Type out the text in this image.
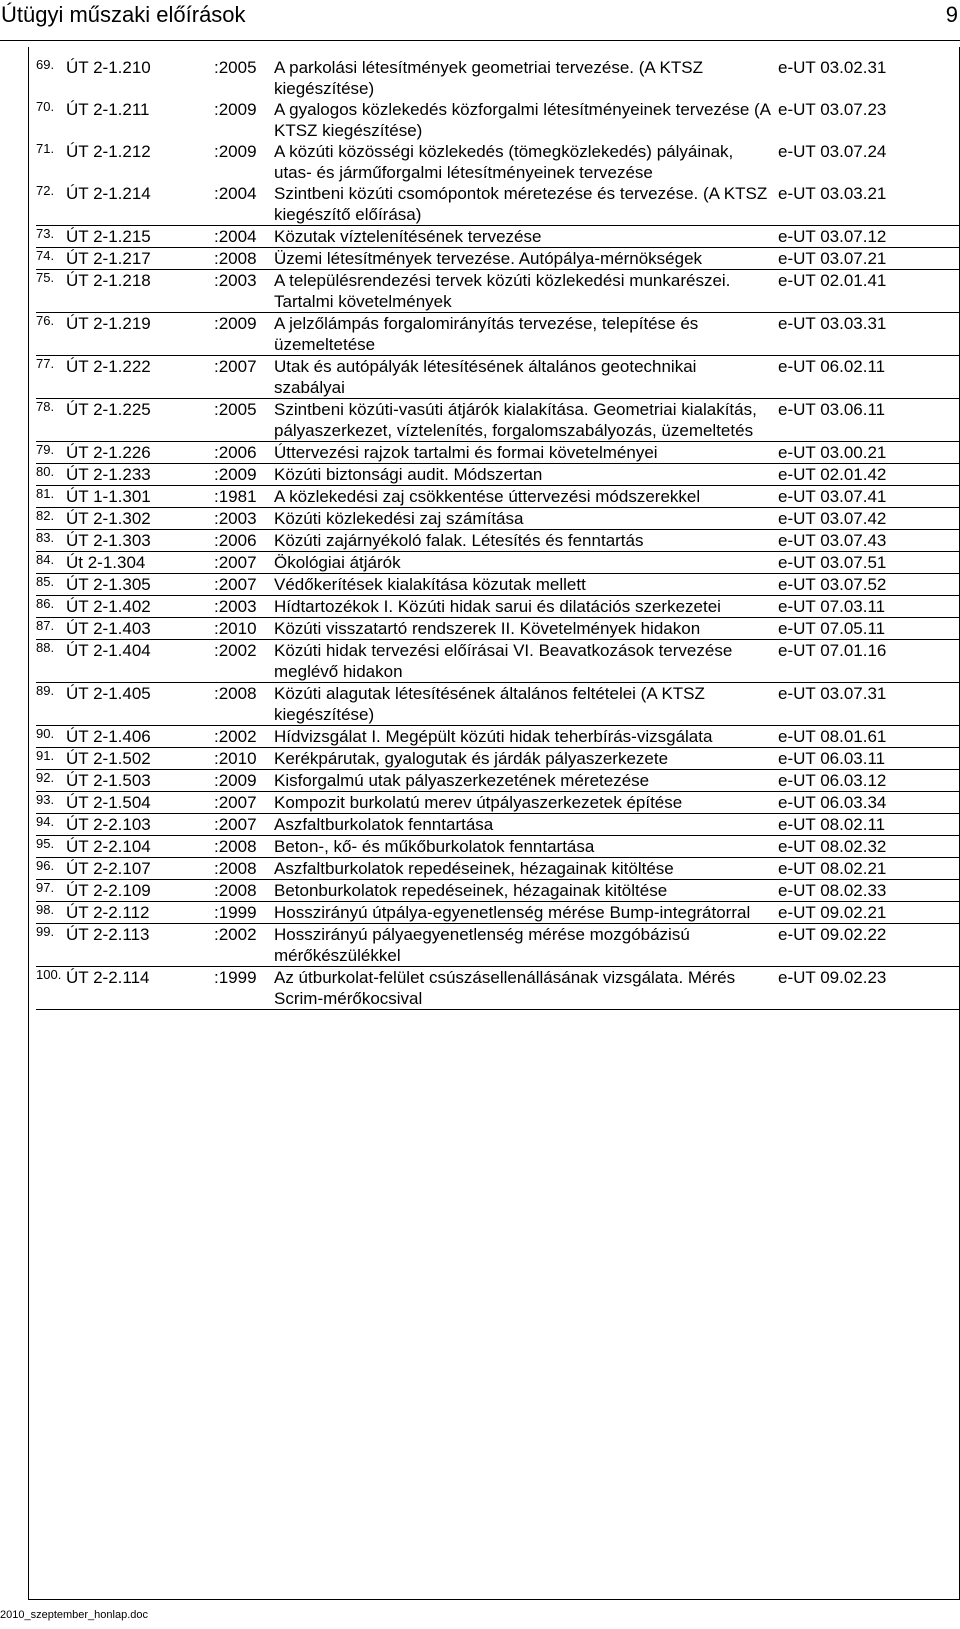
Útügyi műszaki előírások	9
69.	ÚT 2-1.210	:2005	A parkolási létesítmények geometriai tervezése. (A KTSZ kiegészítése)	e-UT 03.02.31
70.	ÚT 2-1.211	:2009	A gyalogos közlekedés közforgalmi létesítményeinek tervezése (A KTSZ kiegészítése)	e-UT 03.07.23
71.	ÚT 2-1.212	:2009	A közúti közösségi közlekedés (tömegközlekedés) pályáinak, utas- és járműforgalmi létesítményeinek tervezése	e-UT 03.07.24
72.	ÚT 2-1.214	:2004	Szintbeni közúti csomópontok méretezése és tervezése. (A KTSZ kiegészítő előírása)	e-UT 03.03.21
73.	ÚT 2-1.215	:2004	Közutak víztelenítésének tervezése	e-UT 03.07.12
74.	ÚT 2-1.217	:2008	Üzemi létesítmények tervezése. Autópálya-mérnökségek	e-UT 03.07.21
75.	ÚT 2-1.218	:2003	A településrendezési tervek közúti közlekedési munkarészei. Tartalmi követelmények	e-UT 02.01.41
76.	ÚT 2-1.219	:2009	A jelzőlámpás forgalomirányítás tervezése, telepítése és üzemeltetése	e-UT 03.03.31
77.	ÚT 2-1.222	:2007	Utak és autópályák létesítésének általános geotechnikai szabályai	e-UT 06.02.11
78.	ÚT 2-1.225	:2005	Szintbeni közúti-vasúti átjárók kialakítása. Geometriai kialakítás, pályaszerkezet, víztelenítés, forgalomszabályozás, üzemeltetés	e-UT 03.06.11
79.	ÚT 2-1.226	:2006	Úttervezési rajzok tartalmi és formai követelményei	e-UT 03.00.21
80.	ÚT 2-1.233	:2009	Közúti biztonsági audit. Módszertan	e-UT 02.01.42
81.	ÚT 1-1.301	:1981	A közlekedési zaj csökkentése úttervezési módszerekkel	e-UT 03.07.41
82.	ÚT 2-1.302	:2003	Közúti közlekedési zaj számítása	e-UT 03.07.42
83.	ÚT 2-1.303	:2006	Közúti zajárnyékoló falak. Létesítés és fenntartás	e-UT 03.07.43
84.	Út 2-1.304	:2007	Ökológiai átjárók	e-UT 03.07.51
85.	ÚT 2-1.305	:2007	Védőkerítések kialakítása közutak mellett	e-UT 03.07.52
86.	ÚT 2-1.402	:2003	Hídtartozékok I. Közúti hidak sarui és dilatációs szerkezetei	e-UT 07.03.11
87.	ÚT 2-1.403	:2010	Közúti visszatartó rendszerek II. Követelmények hidakon	e-UT 07.05.11
88.	ÚT 2-1.404	:2002	Közúti hidak tervezési előírásai VI. Beavatkozások tervezése meglévő hidakon	e-UT 07.01.16
89.	ÚT 2-1.405	:2008	Közúti alagutak létesítésének általános feltételei (A KTSZ kiegészítése)	e-UT 03.07.31
90.	ÚT 2-1.406	:2002	Hídvizsgálat I. Megépült közúti hidak teherbírás-vizsgálata	e-UT 08.01.61
91.	ÚT 2-1.502	:2010	Kerékpárutak, gyalogutak és járdák pályaszerkezete	e-UT 06.03.11
92.	ÚT 2-1.503	:2009	Kisforgalmú utak pályaszerkezetének méretezése	e-UT 06.03.12
93.	ÚT 2-1.504	:2007	Kompozit burkolatú merev útpályaszerkezetek építése	e-UT 06.03.34
94.	ÚT 2-2.103	:2007	Aszfaltburkolatok fenntartása	e-UT 08.02.11
95.	ÚT 2-2.104	:2008	Beton-, kő- és műkőburkolatok fenntartása	e-UT 08.02.32
96.	ÚT 2-2.107	:2008	Aszfaltburkolatok repedéseinek, hézagainak kitöltése	e-UT 08.02.21
97.	ÚT 2-2.109	:2008	Betonburkolatok repedéseinek, hézagainak kitöltése	e-UT 08.02.33
98.	ÚT 2-2.112	:1999	Hosszirányú útpálya-egyenetlenség mérése Bump-integrátorral	e-UT 09.02.21
99.	ÚT 2-2.113	:2002	Hosszirányú pályaegyenetlenség mérése mozgóbázisú mérőkészülékkel	e-UT 09.02.22
100.	ÚT 2-2.114	:1999	Az útburkolat-felület csúszásellenállásának vizsgálata. Mérés Scrim-mérőkocsival	e-UT 09.02.23
2010_szeptember_honlap.doc
